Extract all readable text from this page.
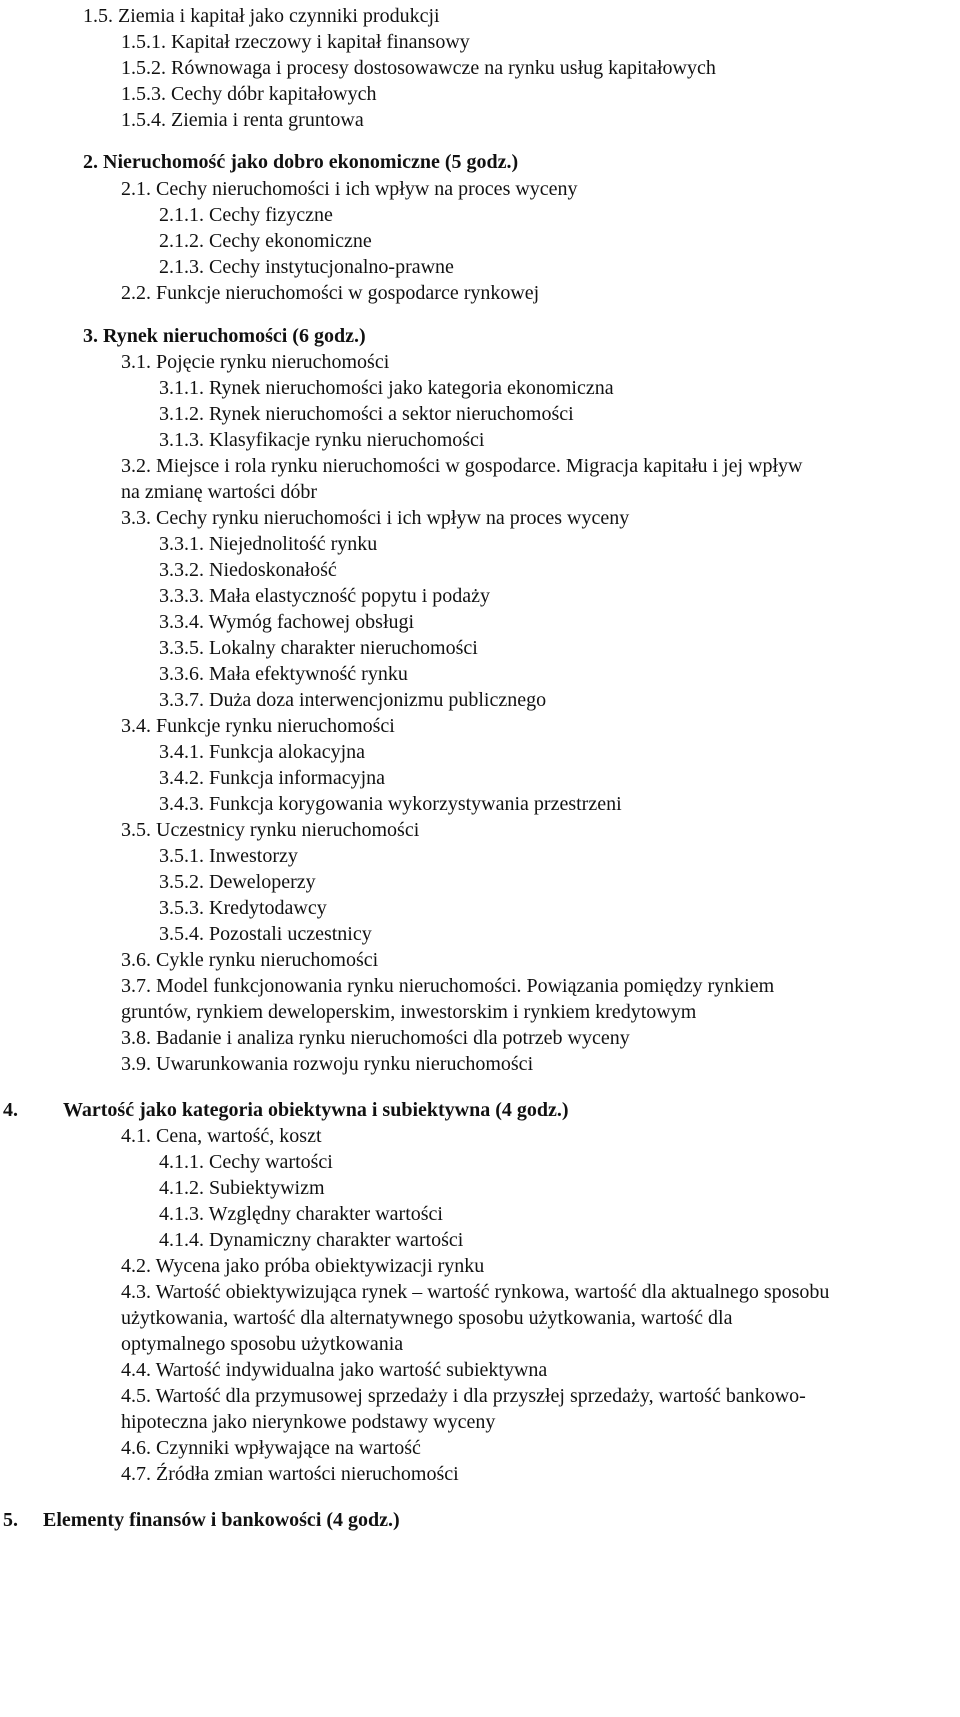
1.5. Ziemia i kapitał jako czynniki produkcji
1.5.1. Kapitał rzeczowy i kapitał finansowy
1.5.2. Równowaga i procesy dostosowawcze na rynku usług kapitałowych
1.5.3. Cechy dóbr kapitałowych
1.5.4. Ziemia i renta gruntowa
2. Nieruchomość jako dobro ekonomiczne (5 godz.)
2.1. Cechy nieruchomości i ich wpływ na proces wyceny
2.1.1. Cechy fizyczne
2.1.2. Cechy ekonomiczne
2.1.3. Cechy instytucjonalno-prawne
2.2. Funkcje nieruchomości w gospodarce rynkowej
3. Rynek nieruchomości (6 godz.)
3.1. Pojęcie rynku nieruchomości
3.1.1. Rynek nieruchomości jako kategoria ekonomiczna
3.1.2. Rynek nieruchomości a sektor nieruchomości
3.1.3. Klasyfikacje rynku nieruchomości
3.2. Miejsce i rola rynku nieruchomości w gospodarce. Migracja kapitału i jej wpływ
na zmianę wartości dóbr
3.3. Cechy rynku nieruchomości i ich wpływ na proces wyceny
3.3.1. Niejednolitość rynku
3.3.2. Niedoskonałość
3.3.3. Mała elastyczność popytu i podaży
3.3.4. Wymóg fachowej obsługi
3.3.5. Lokalny charakter nieruchomości
3.3.6. Mała efektywność rynku
3.3.7. Duża doza interwencjonizmu publicznego
3.4. Funkcje rynku nieruchomości
3.4.1. Funkcja alokacyjna
3.4.2. Funkcja informacyjna
3.4.3. Funkcja korygowania wykorzystywania przestrzeni
3.5. Uczestnicy rynku nieruchomości
3.5.1. Inwestorzy
3.5.2. Deweloperzy
3.5.3. Kredytodawcy
3.5.4. Pozostali uczestnicy
3.6. Cykle rynku nieruchomości
3.7. Model funkcjonowania rynku nieruchomości. Powiązania pomiędzy rynkiem
gruntów, rynkiem deweloperskim, inwestorskim i rynkiem kredytowym
3.8. Badanie i analiza rynku nieruchomości dla potrzeb wyceny
3.9. Uwarunkowania rozwoju rynku nieruchomości
4. Wartość jako kategoria obiektywna i subiektywna (4 godz.)
4.1. Cena, wartość, koszt
4.1.1. Cechy wartości
4.1.2. Subiektywizm
4.1.3. Względny charakter wartości
4.1.4. Dynamiczny charakter wartości
4.2. Wycena jako próba obiektywizacji rynku
4.3. Wartość obiektywizująca rynek – wartość rynkowa, wartość dla aktualnego sposobu
użytkowania, wartość dla alternatywnego sposobu użytkowania, wartość dla
optymalnego sposobu użytkowania
4.4. Wartość indywidualna jako wartość subiektywna
4.5. Wartość dla przymusowej sprzedaży i dla przyszłej sprzedaży, wartość bankowo-
hipoteczna jako nierynkowe podstawy wyceny
4.6. Czynniki wpływające na wartość
4.7. Źródła zmian wartości nieruchomości
5. Elementy finansów i bankowości (4 godz.)
